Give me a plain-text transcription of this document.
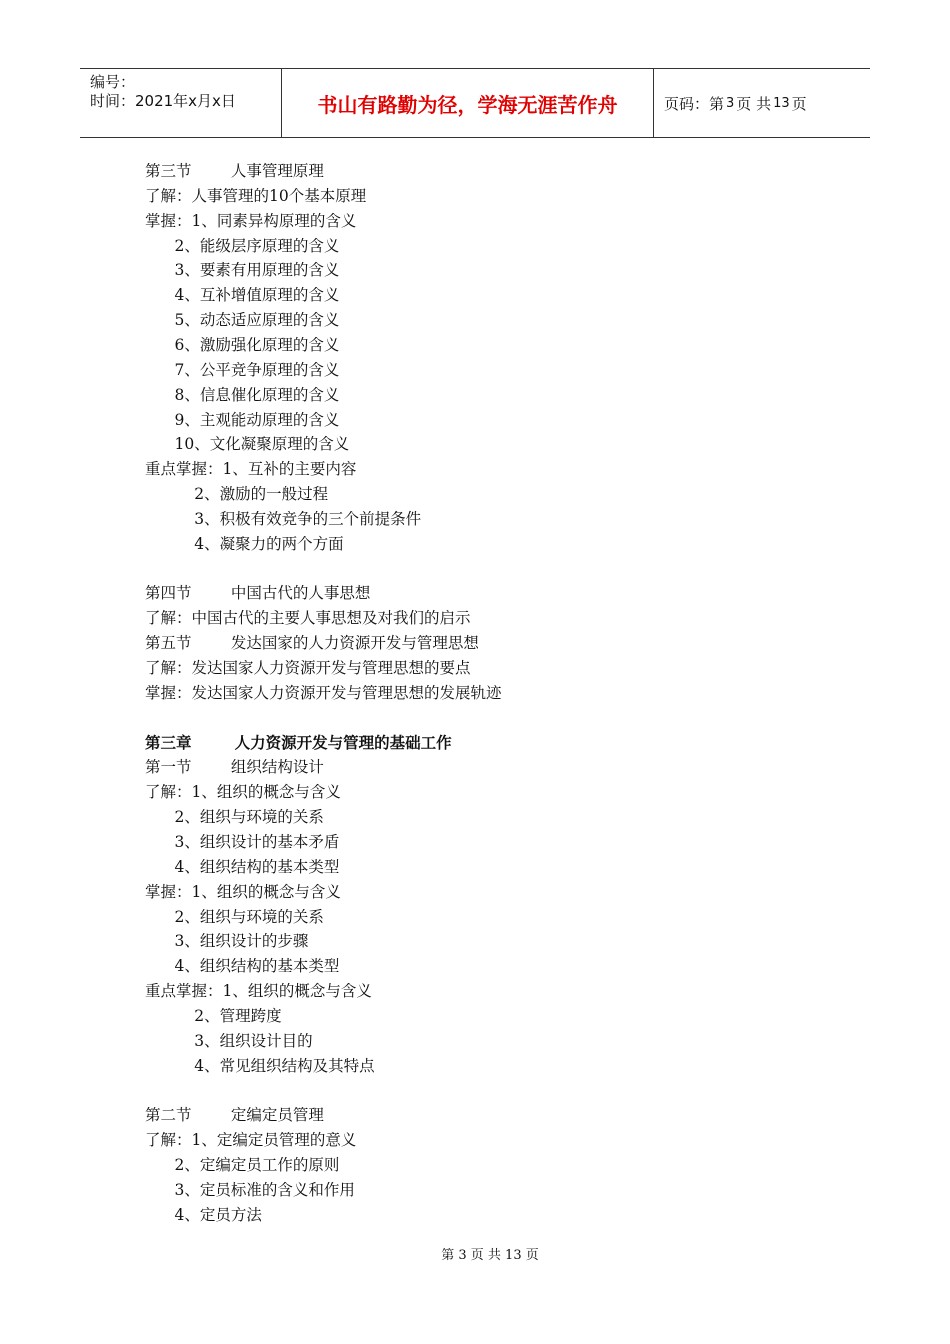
编号：
时间：2021年x月x日	书山有路勤为径，学海无涯苦作舟	页码：第 3 页 共 13 页
第三节        人事管理原理
了解：人事管理的10个基本原理
掌握：1、同素异构原理的含义
2、能级层序原理的含义
3、要素有用原理的含义
4、互补增值原理的含义
5、动态适应原理的含义
6、激励强化原理的含义
7、公平竞争原理的含义
8、信息催化原理的含义
9、主观能动原理的含义
10、文化凝聚原理的含义
重点掌握：1、互补的主要内容
2、激励的一般过程
3、积极有效竞争的三个前提条件
4、凝聚力的两个方面
第四节        中国古代的人事思想
了解：中国古代的主要人事思想及对我们的启示
第五节        发达国家的人力资源开发与管理思想
了解：发达国家人力资源开发与管理思想的要点
掌握：发达国家人力资源开发与管理思想的发展轨迹
第三章        人力资源开发与管理的基础工作
第一节        组织结构设计
了解：1、组织的概念与含义
2、组织与环境的关系
3、组织设计的基本矛盾
4、组织结构的基本类型
掌握：1、组织的概念与含义
2、组织与环境的关系
3、组织设计的步骤
4、组织结构的基本类型
重点掌握：1、组织的概念与含义
2、管理跨度
3、组织设计目的
4、常见组织结构及其特点
第二节        定编定员管理
了解：1、定编定员管理的意义
2、定编定员工作的原则
3、定员标准的含义和作用
4、定员方法
第 3 页 共 13 页
